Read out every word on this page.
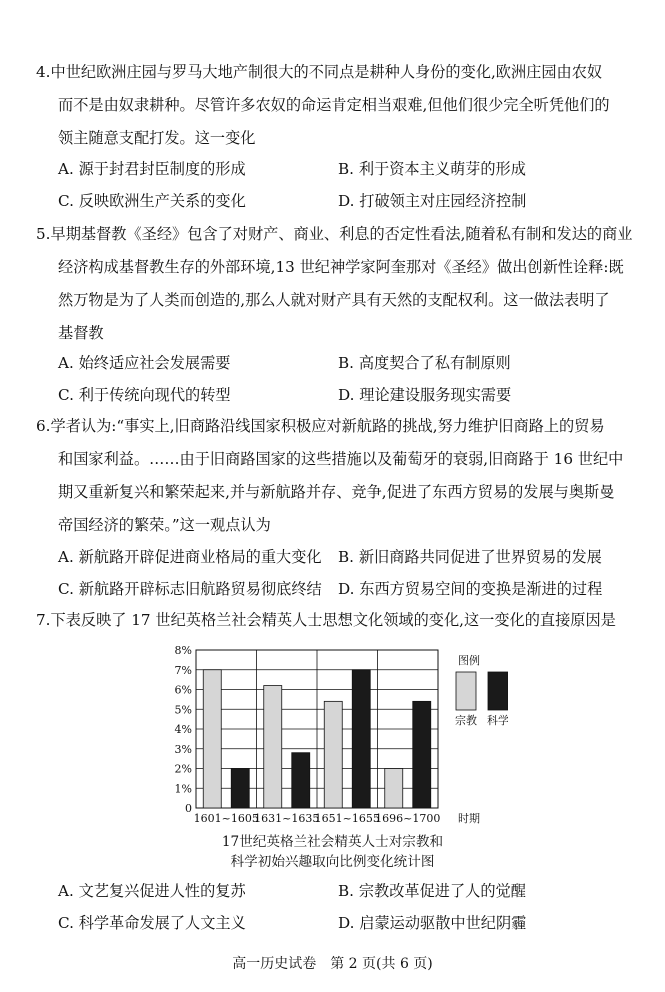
4.中世纪欧洲庄园与罗马大地产制很大的不同点是耕种人身份的变化,欧洲庄园由农奴
而不是由奴隶耕种。尽管许多农奴的命运肯定相当艰难,但他们很少完全听凭他们的
领主随意支配打发。这一变化
A. 源于封君封臣制度的形成	B. 利于资本主义萌芽的形成
C. 反映欧洲生产关系的变化	D. 打破领主对庄园经济控制
5.早期基督教《圣经》包含了对财产、商业、利息的否定性看法,随着私有制和发达的商业
经济构成基督教生存的外部环境,13 世纪神学家阿奎那对《圣经》做出创新性诠释:既
然万物是为了人类而创造的,那么人就对财产具有天然的支配权利。这一做法表明了
基督教
A. 始终适应社会发展需要	B. 高度契合了私有制原则
C. 利于传统向现代的转型	D. 理论建设服务现实需要
6.学者认为:“事实上,旧商路沿线国家积极应对新航路的挑战,努力维护旧商路上的贸易
和国家利益。……由于旧商路国家的这些措施以及葡萄牙的衰弱,旧商路于 16 世纪中
期又重新复兴和繁荣起来,并与新航路并存、竞争,促进了东西方贸易的发展与奥斯曼
帝国经济的繁荣。”这一观点认为
A. 新航路开辟促进商业格局的重大变化 B. 新旧商路共同促进了世界贸易的发展
C. 新航路开辟标志旧航路贸易彻底终结 D. 东西方贸易空间的变换是渐进的过程
7.下表反映了 17 世纪英格兰社会精英人士思想文化领域的变化,这一变化的直接原因是
0
1%
2%
3%
4%
5%
6%
7%
8%
1601~1605
1631~1635
1651~1655
1696~1700 时期
图例
宗教 科学
17世纪英格兰社会精英人士对宗教和
科学初始兴趣取向比例变化统计图
A. 文艺复兴促进人性的复苏	B. 宗教改革促进了人的觉醒
C. 科学革命发展了人文主义	D. 启蒙运动驱散中世纪阴霾
高一历史试卷　第 2 页(共 6 页)
